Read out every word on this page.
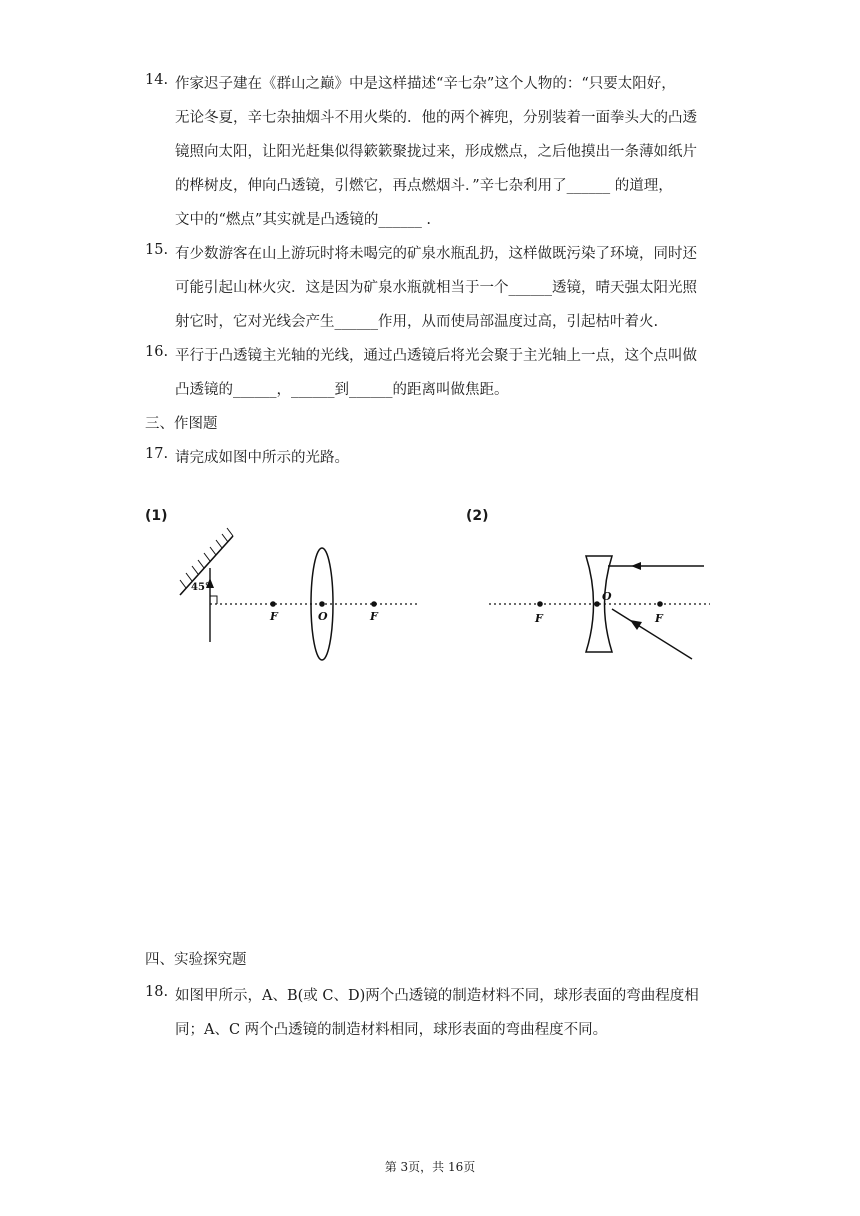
14. 作家迟子建在《群山之巅》中是这样描述“辛七杂”这个人物的：“只要太阳好，
无论冬夏，辛七杂抽烟斗不用火柴的．他的两个裤兜，分别装着一面拳头大的凸透
镜照向太阳，让阳光赶集似得簌簌聚拢过来，形成燃点，之后他摸出一条薄如纸片
的桦树皮，伸向凸透镜，引燃它，再点燃烟斗．”辛七杂利用了______ 的道理，
文中的“燃点”其实就是凸透镜的______ .
15. 有少数游客在山上游玩时将未喝完的矿泉水瓶乱扔，这样做既污染了环境，同时还
可能引起山林火灾．这是因为矿泉水瓶就相当于一个______透镜，晴天强太阳光照
射它时，它对光线会产生______作用，从而使局部温度过高，引起枯叶着火.
16. 平行于凸透镜主光轴的光线，通过凸透镜后将光会聚于主光轴上一点，这个点叫做
凸透镜的______，______到______的距离叫做焦距。
三、作图题
17. 请完成如图中所示的光路。
(1)	(2)
45°
F	O	F	F
O
F
四、实验探究题
18. 如图甲所示，A、B(或 C、D)两个凸透镜的制造材料不同，球形表面的弯曲程度相
同；A、C 两个凸透镜的制造材料相同，球形表面的弯曲程度不同。
第 3页，共 16页
